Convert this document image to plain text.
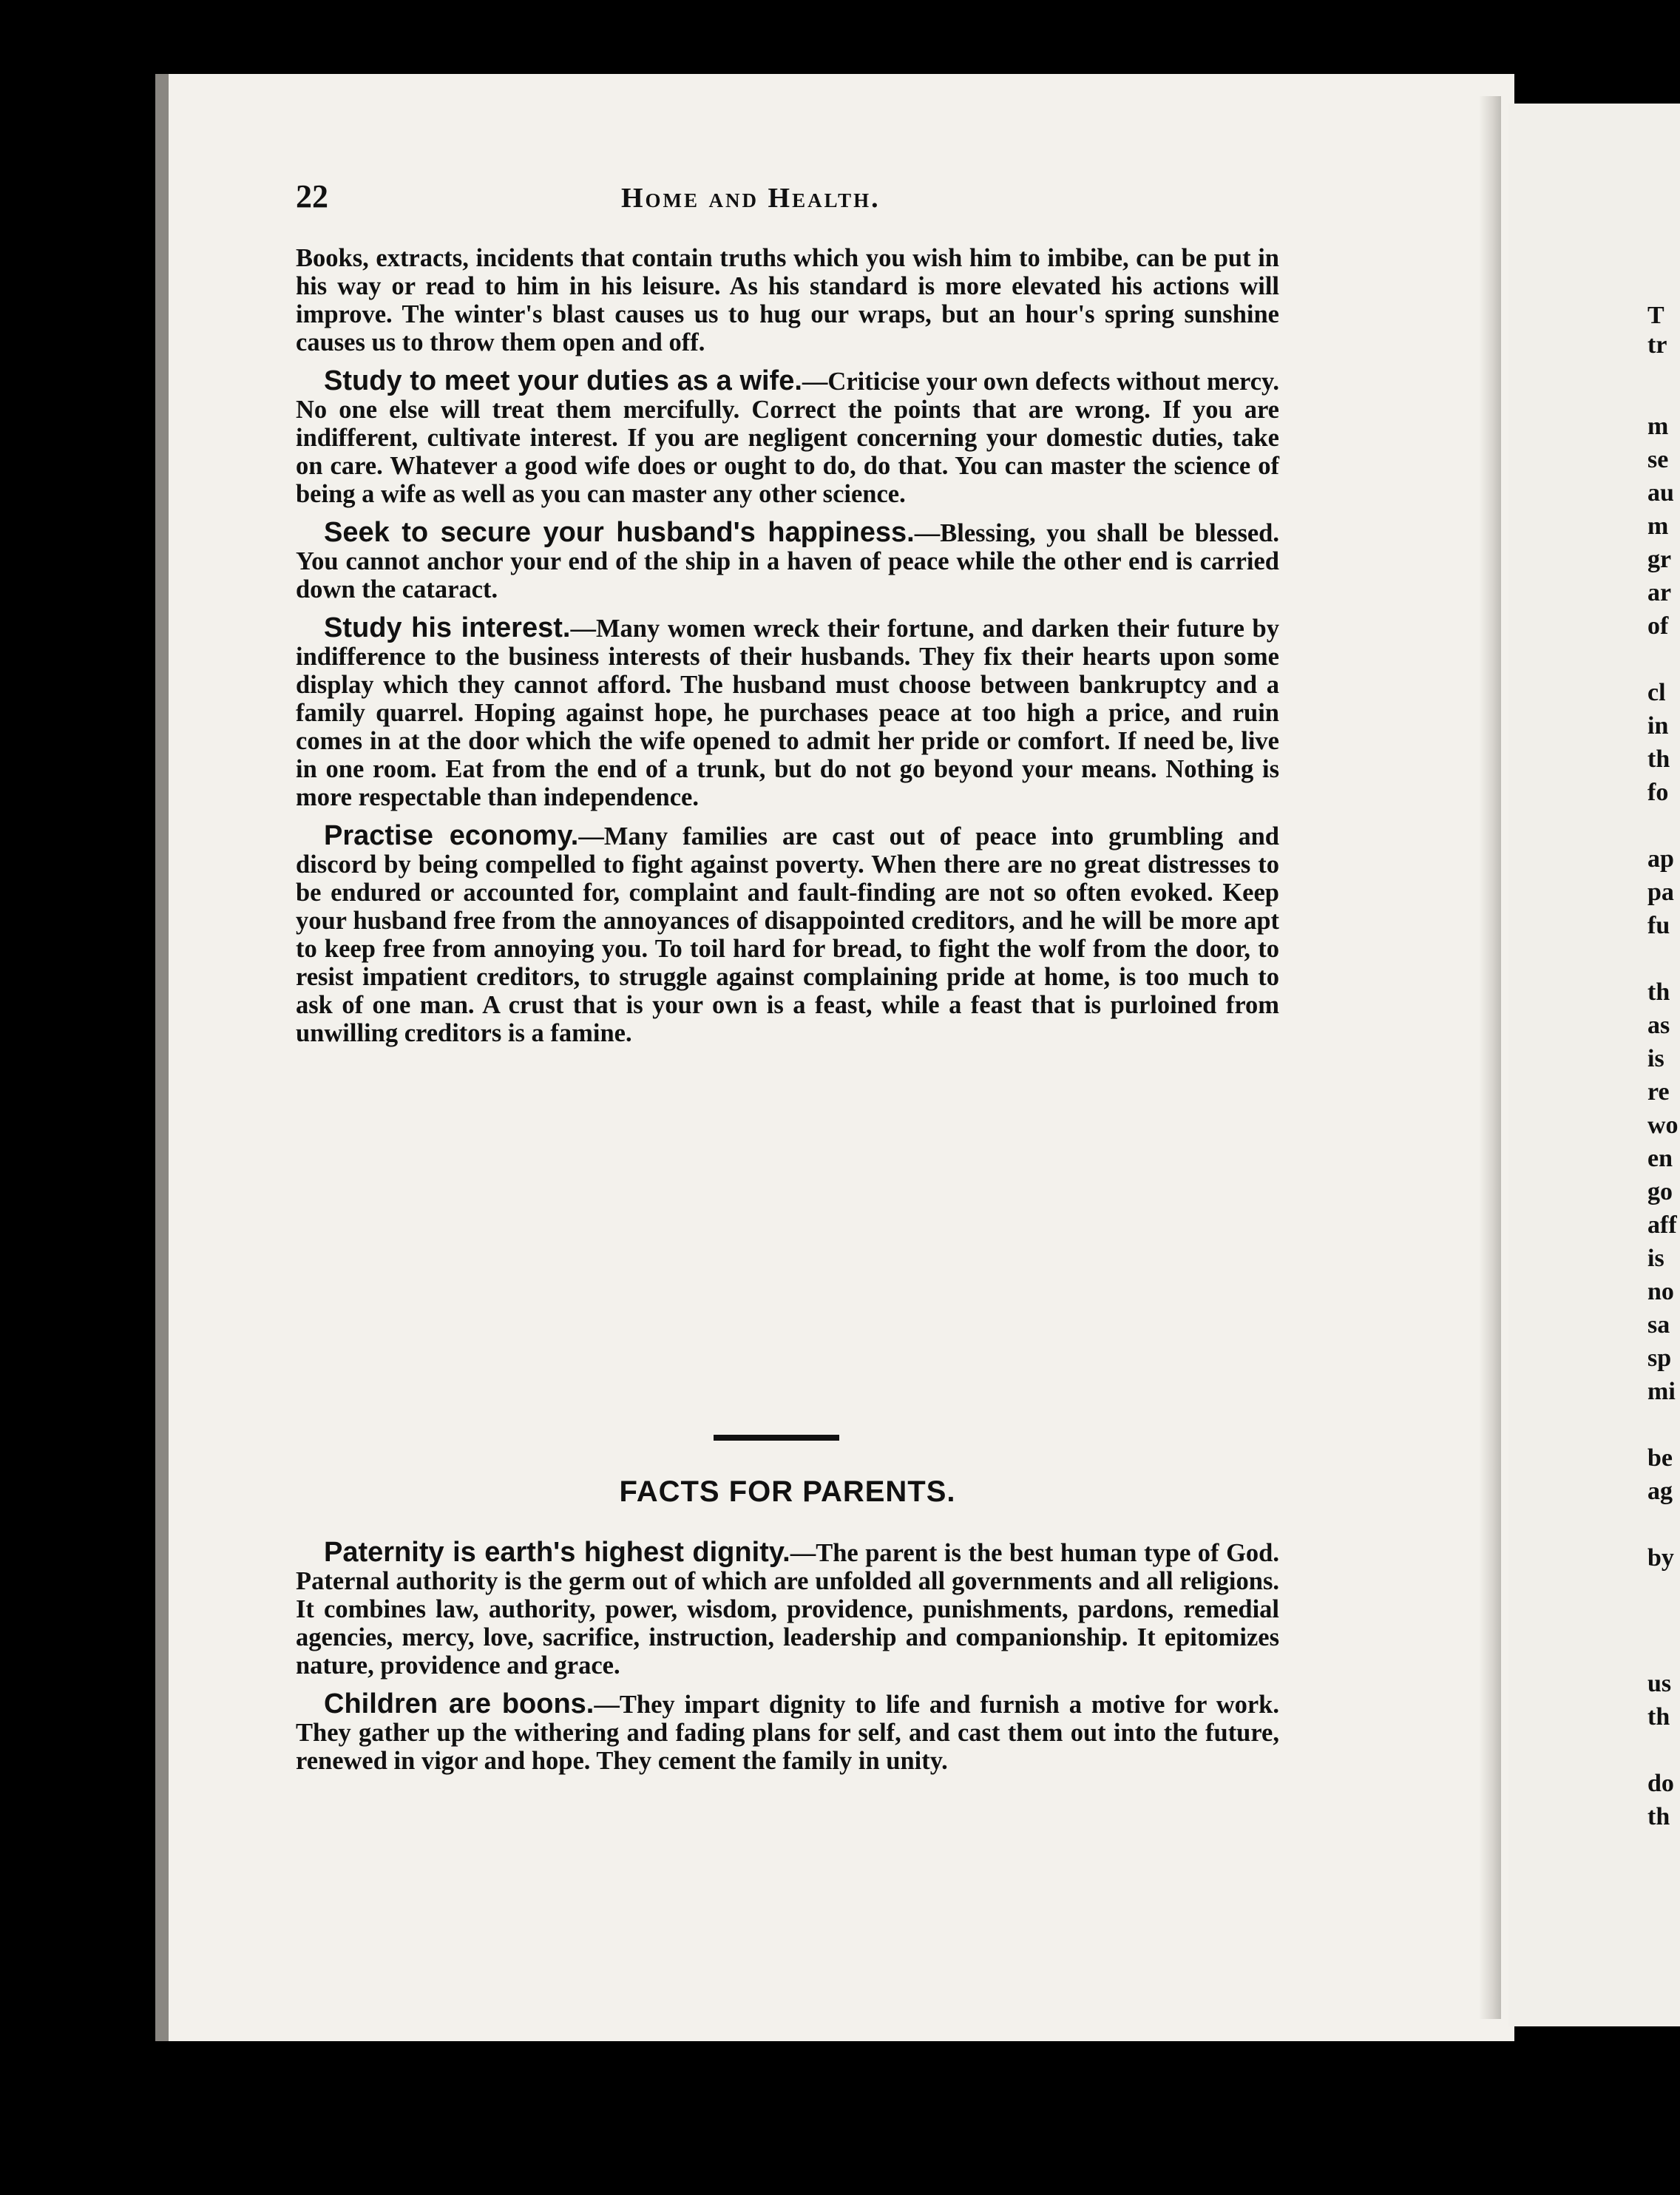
22	Home and Health.

Books, extracts, incidents that contain truths which you wish him to imbibe, can be put in his way or read to him in his leisure. As his standard is more elevated his actions will improve. The winter's blast causes us to hug our wraps, but an hour's spring sunshine causes us to throw them open and off.

Study to meet your duties as a wife.—Criticise your own defects without mercy. No one else will treat them mercifully. Correct the points that are wrong. If you are indifferent, cultivate interest. If you are negligent concerning your domestic duties, take on care. Whatever a good wife does or ought to do, do that. You can master the science of being a wife as well as you can master any other science.

Seek to secure your husband's happiness.—Blessing, you shall be blessed. You cannot anchor your end of the ship in a haven of peace while the other end is carried down the cataract.

Study his interest.—Many women wreck their fortune, and darken their future by indifference to the business interests of their husbands. They fix their hearts upon some display which they cannot afford. The husband must choose between bankruptcy and a family quarrel. Hoping against hope, he purchases peace at too high a price, and ruin comes in at the door which the wife opened to admit her pride or comfort. If need be, live in one room. Eat from the end of a trunk, but do not go beyond your means. Nothing is more respectable than independence.

Practise economy.—Many families are cast out of peace into grumbling and discord by being compelled to fight against poverty. When there are no great distresses to be endured or accounted for, complaint and fault-finding are not so often evoked. Keep your husband free from the annoyances of disappointed creditors, and he will be more apt to keep free from annoying you. To toil hard for bread, to fight the wolf from the door, to resist impatient creditors, to struggle against complaining pride at home, is too much to ask of one man. A crust that is your own is a feast, while a feast that is purloined from unwilling creditors is a famine.

FACTS FOR PARENTS.

Paternity is earth's highest dignity.—The parent is the best human type of God. Paternal authority is the germ out of which are unfolded all governments and all religions. It combines law, authority, power, wisdom, providence, punishments, pardons, remedial agencies, mercy, love, sacrifice, instruction, leadership and companionship. It epitomizes nature, providence and grace.

Children are boons.—They impart dignity to life and furnish a motive for work. They gather up the withering and fading plans for self, and cast them out into the future, renewed in vigor and hope. They cement the family in unity.

T
tr
m
se
au
m
gr
ar
of
cl
in
th
fo
ap
pa
fu
th
as
is
re
wo
en
go
aff
is
no
sa
sp
mi
be
ag
by
us
th
do
th
